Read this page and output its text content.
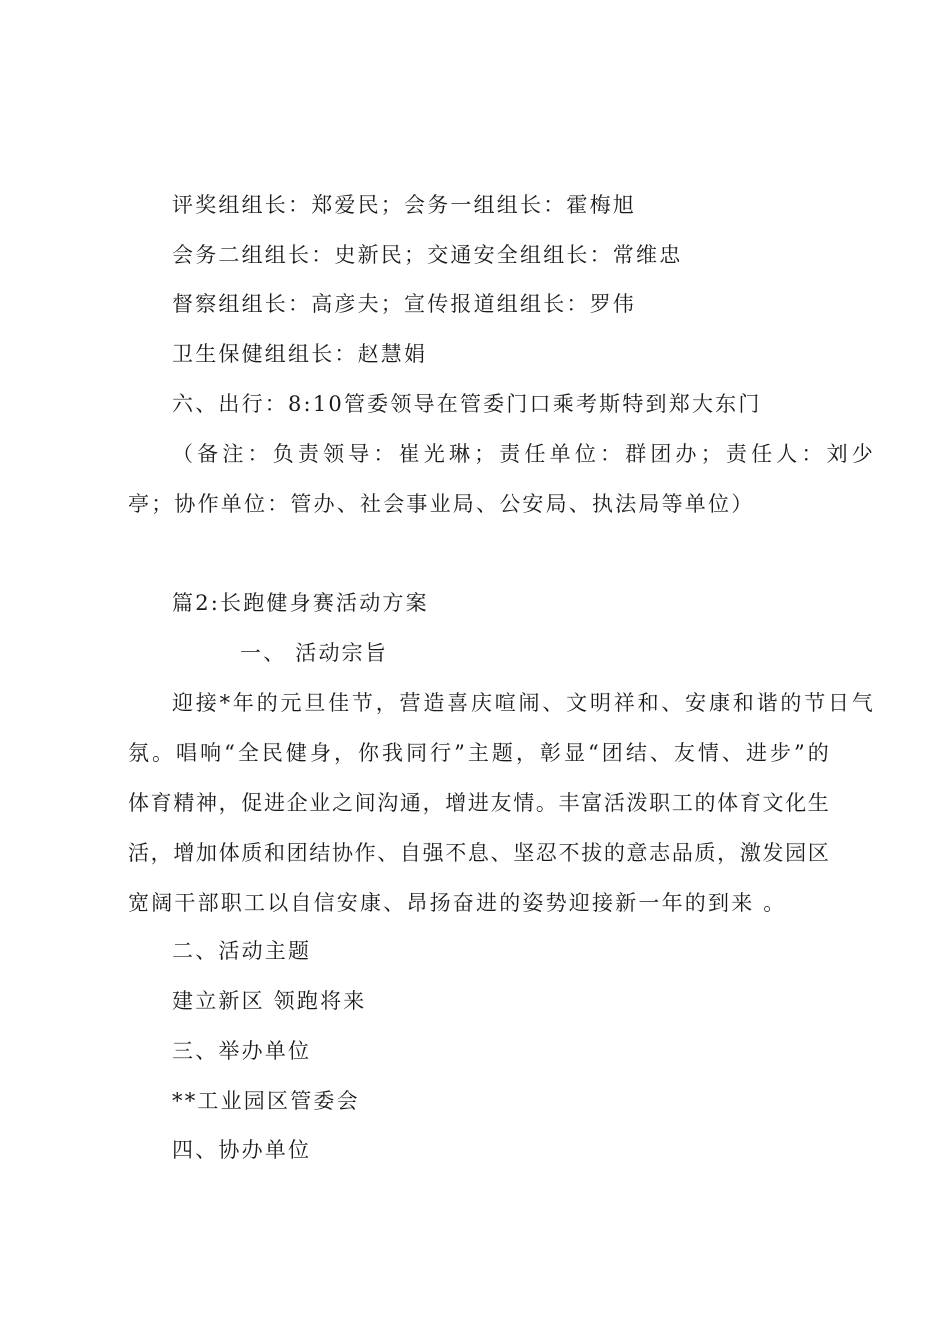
评奖组组长：郑爱民；会务一组组长：霍梅旭
会务二组组长：史新民；交通安全组组长：常维忠
督察组组长：高彦夫；宣传报道组组长：罗伟
卫生保健组组长：赵慧娟
六、出行：8:10管委领导在管委门口乘考斯特到郑大东门
（备注：负责领导：崔光琳；责任单位：群团办；责任人：刘少
亭；协作单位：管办、社会事业局、公安局、执法局等单位）
篇2:长跑健身赛活动方案
一、 活动宗旨
迎接*年的元旦佳节，营造喜庆喧闹、文明祥和、安康和谐的节日气
氛。唱响“全民健身，你我同行”主题，彰显“团结、友情、进步”的
体育精神，促进企业之间沟通，增进友情。丰富活泼职工的体育文化生
活，增加体质和团结协作、自强不息、坚忍不拔的意志品质，激发园区
宽阔干部职工以自信安康、昂扬奋进的姿势迎接新一年的到来 。
二、活动主题
建立新区 领跑将来
三、举办单位
**工业园区管委会
四、协办单位
